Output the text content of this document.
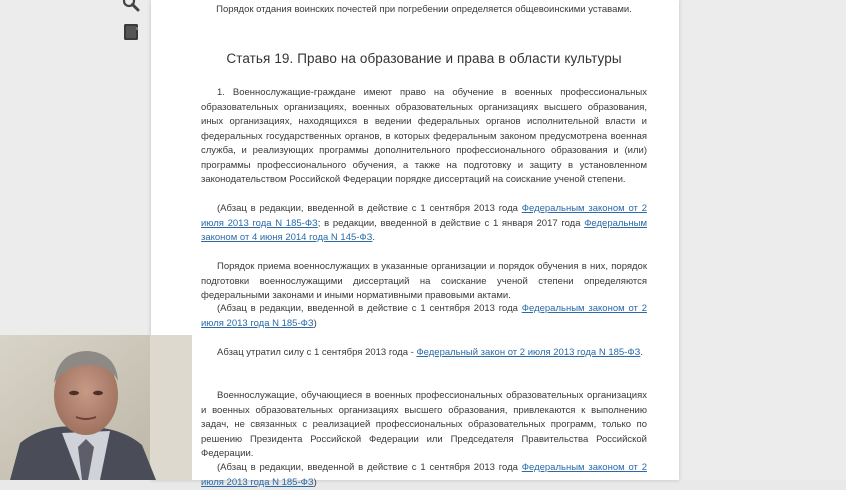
Порядок отдания воинских почестей при погребении определяется общевоинскими уставами.
Статья 19. Право на образование и права в области культуры

1. Военнослужащие-граждане имеют право на обучение в военных профессиональных образовательных организациях, военных образовательных организациях высшего образования, иных организациях, находящихся в ведении федеральных органов исполнительной власти и федеральных государственных органов, в которых федеральным законом предусмотрена военная служба, и реализующих программы дополнительного профессионального образования и (или) программы профессионального обучения, а также на подготовку и защиту в установленном законодательством Российской Федерации порядке диссертаций на соискание ученой степени.

(Абзац в редакции, введенной в действие с 1 сентября 2013 года Федеральным законом от 2 июля 2013 года N 185-ФЗ; в редакции, введенной в действие с 1 января 2017 года Федеральным законом от 4 июня 2014 года N 145-ФЗ.

Порядок приема военнослужащих в указанные организации и порядок обучения в них, порядок подготовки военнослужащими диссертаций на соискание ученой степени определяются федеральными законами и иными нормативными правовыми актами.

(Абзац в редакции, введенной в действие с 1 сентября 2013 года Федеральным законом от 2 июля 2013 года N 185-ФЗ)

Абзац утратил силу с 1 сентября 2013 года - Федеральный закон от 2 июля 2013 года N 185-ФЗ.

Военнослужащие, обучающиеся в военных профессиональных образовательных организациях и военных образовательных организациях высшего образования, привлекаются к выполнению задач, не связанных с реализацией профессиональных образовательных программ, только по решению Президента Российской Федерации или Председателя Правительства Российской Федерации.

(Абзац в редакции, введенной в действие с 1 сентября 2013 года Федеральным законом от 2 июля 2013 года N 185-ФЗ)
